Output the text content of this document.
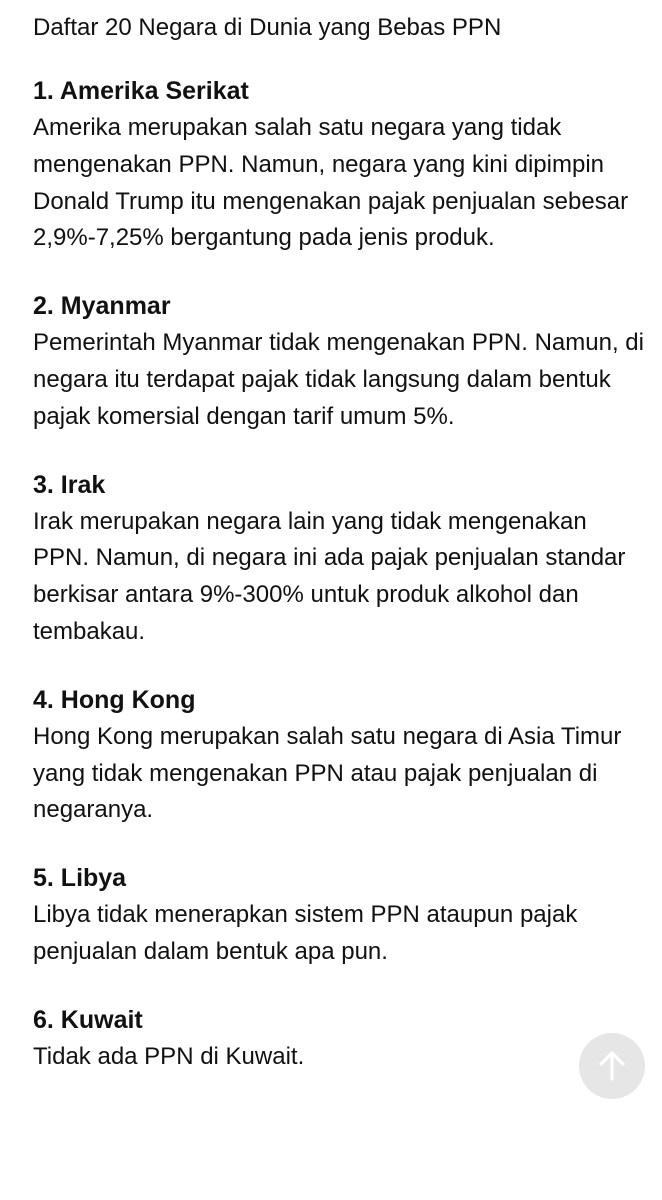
Daftar 20 Negara di Dunia yang Bebas PPN
1. Amerika Serikat

Amerika merupakan salah satu negara yang tidak mengenakan PPN. Namun, negara yang kini dipimpin Donald Trump itu mengenakan pajak penjualan sebesar 2,9%-7,25% bergantung pada jenis produk.

2. Myanmar

Pemerintah Myanmar tidak mengenakan PPN. Namun, di negara itu terdapat pajak tidak langsung dalam bentuk pajak komersial dengan tarif umum 5%.

3. Irak

Irak merupakan negara lain yang tidak mengenakan PPN. Namun, di negara ini ada pajak penjualan standar berkisar antara 9%-300% untuk produk alkohol dan tembakau.

4. Hong Kong

Hong Kong merupakan salah satu negara di Asia Timur yang tidak mengenakan PPN atau pajak penjualan di negaranya.

5. Libya

Libya tidak menerapkan sistem PPN ataupun pajak penjualan dalam bentuk apa pun.

6. Kuwait

Tidak ada PPN di Kuwait.
